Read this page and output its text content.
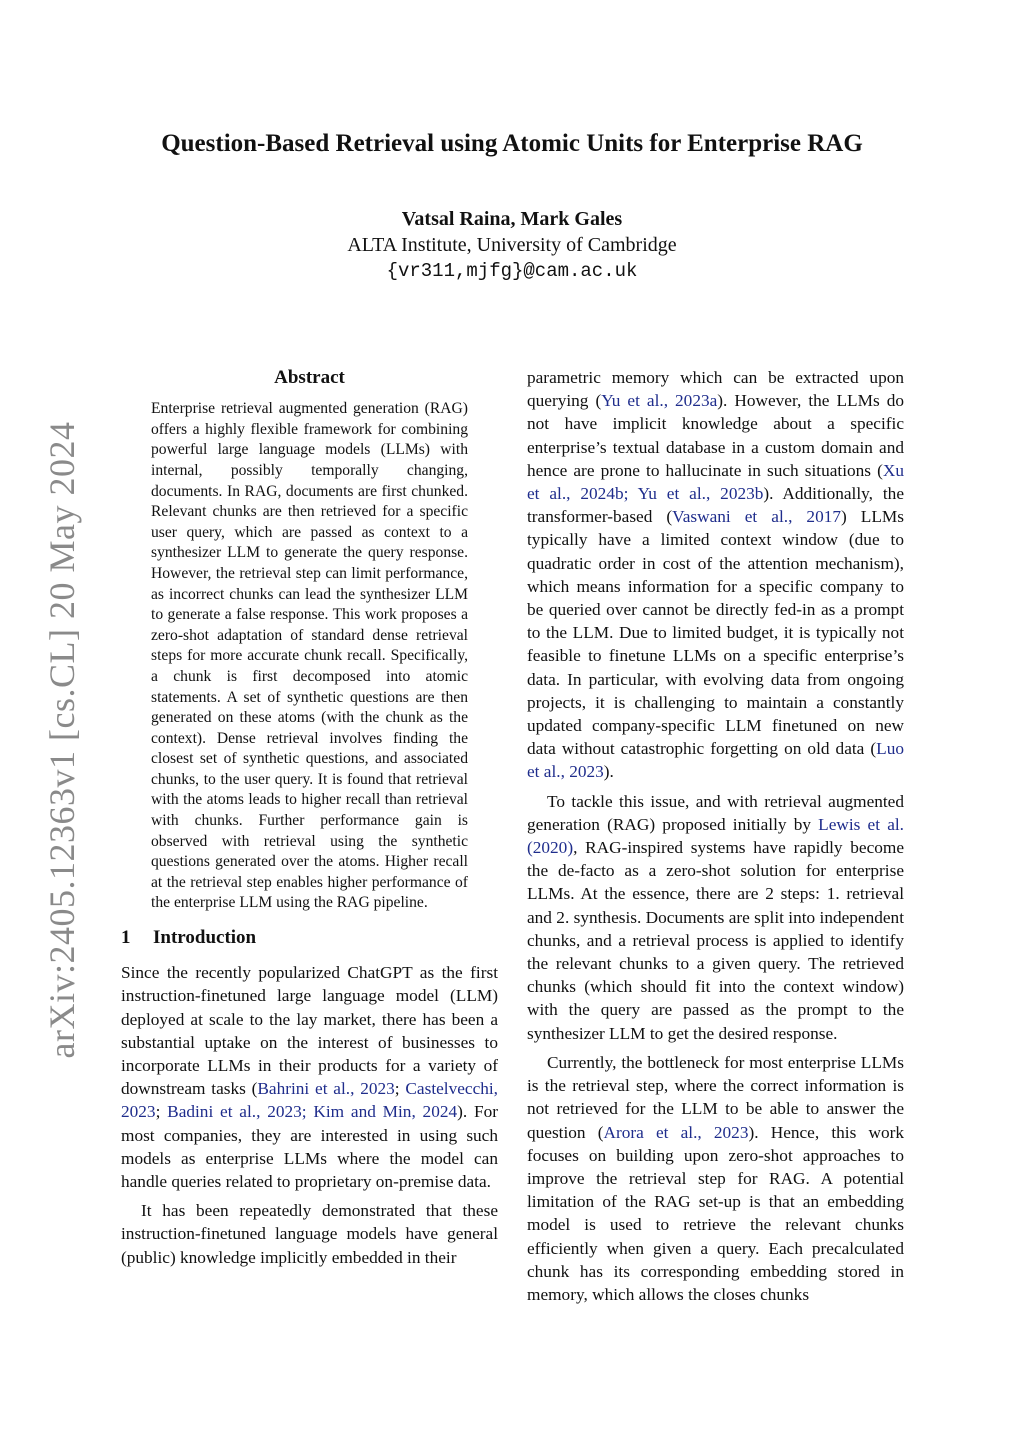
arXiv:2405.12363v1 [cs.CL] 20 May 2024
Question-Based Retrieval using Atomic Units for Enterprise RAG
Vatsal Raina, Mark Gales
ALTA Institute, University of Cambridge
{vr311,mjfg}@cam.ac.uk
Abstract

Enterprise retrieval augmented generation (RAG) offers a highly flexible framework for combining powerful large language models (LLMs) with internal, possibly temporally changing, documents. In RAG, documents are first chunked. Relevant chunks are then retrieved for a specific user query, which are passed as context to a synthesizer LLM to generate the query response. However, the retrieval step can limit performance, as incorrect chunks can lead the synthesizer LLM to generate a false response. This work proposes a zero-shot adaptation of standard dense retrieval steps for more accurate chunk recall. Specifically, a chunk is first decomposed into atomic statements. A set of synthetic questions are then generated on these atoms (with the chunk as the context). Dense retrieval involves finding the closest set of synthetic questions, and associated chunks, to the user query. It is found that retrieval with the atoms leads to higher recall than retrieval with chunks. Further performance gain is observed with retrieval using the synthetic questions generated over the atoms. Higher recall at the retrieval step enables higher performance of the enterprise LLM using the RAG pipeline.

1 Introduction

Since the recently popularized ChatGPT as the first instruction-finetuned large language model (LLM) deployed at scale to the lay market, there has been a substantial uptake on the interest of businesses to incorporate LLMs in their products for a variety of downstream tasks (Bahrini et al., 2023; Castelvecchi, 2023; Badini et al., 2023; Kim and Min, 2024). For most companies, they are interested in using such models as enterprise LLMs where the model can handle queries related to proprietary on-premise data.

It has been repeatedly demonstrated that these instruction-finetuned language models have general (public) knowledge implicitly embedded in their

parametric memory which can be extracted upon querying (Yu et al., 2023a). However, the LLMs do not have implicit knowledge about a specific enterprise’s textual database in a custom domain and hence are prone to hallucinate in such situations (Xu et al., 2024b; Yu et al., 2023b). Additionally, the transformer-based (Vaswani et al., 2017) LLMs typically have a limited context window (due to quadratic order in cost of the attention mechanism), which means information for a specific company to be queried over cannot be directly fed-in as a prompt to the LLM. Due to limited budget, it is typically not feasible to finetune LLMs on a specific enterprise’s data. In particular, with evolving data from ongoing projects, it is challenging to maintain a constantly updated company-specific LLM finetuned on new data without catastrophic forgetting on old data (Luo et al., 2023).

To tackle this issue, and with retrieval augmented generation (RAG) proposed initially by Lewis et al. (2020), RAG-inspired systems have rapidly become the de-facto as a zero-shot solution for enterprise LLMs. At the essence, there are 2 steps: 1. retrieval and 2. synthesis. Documents are split into independent chunks, and a retrieval process is applied to identify the relevant chunks to a given query. The retrieved chunks (which should fit into the context window) with the query are passed as the prompt to the synthesizer LLM to get the desired response.

Currently, the bottleneck for most enterprise LLMs is the retrieval step, where the correct information is not retrieved for the LLM to be able to answer the question (Arora et al., 2023). Hence, this work focuses on building upon zero-shot approaches to improve the retrieval step for RAG. A potential limitation of the RAG set-up is that an embedding model is used to retrieve the relevant chunks efficiently when given a query. Each precalculated chunk has its corresponding embedding stored in memory, which allows the closes chunks
